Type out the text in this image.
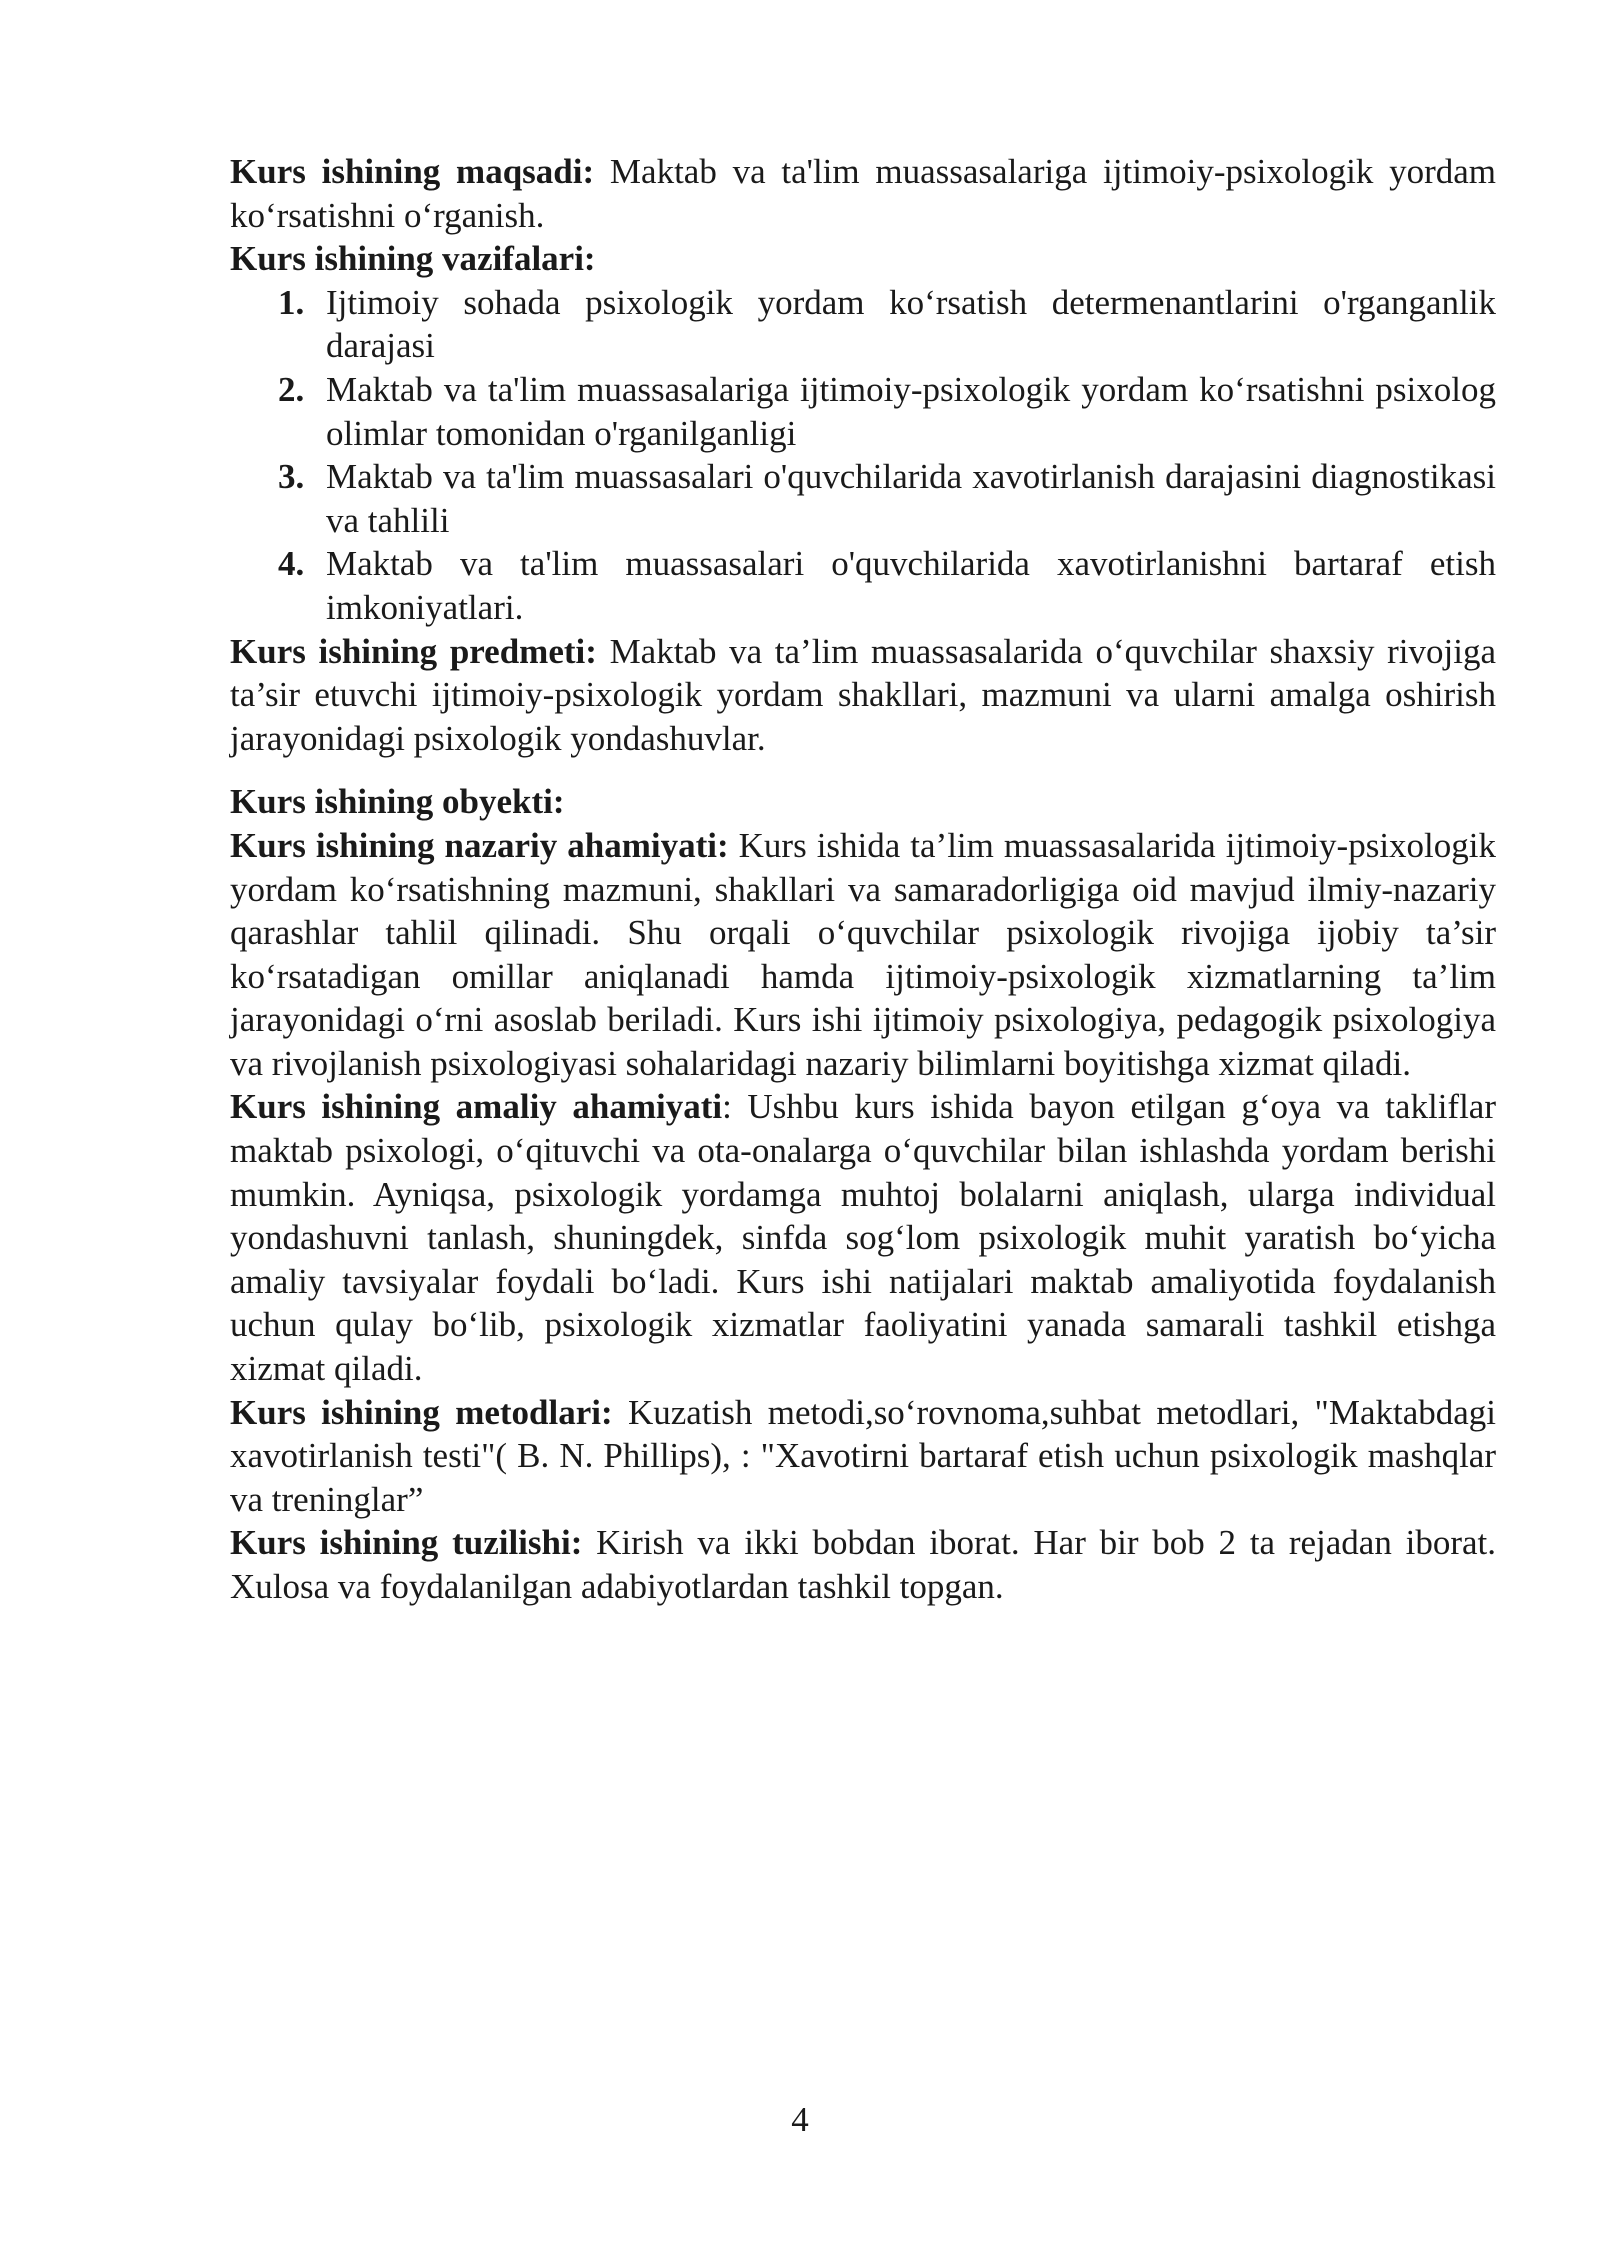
Kurs ishining maqsadi: Maktab va ta'lim muassasalariga ijtimoiy-psixologik yordam ko‘rsatishni o‘rganish.

Kurs ishining vazifalari:

1. Ijtimoiy sohada psixologik yordam ko‘rsatish determenantlarini o'rganganlik darajasi
2. Maktab va ta'lim muassasalariga ijtimoiy-psixologik yordam ko‘rsatishni psixolog olimlar tomonidan o'rganilganligi
3. Maktab va ta'lim muassasalari o'quvchilarida xavotirlanish darajasini diagnostikasi va tahlili
4. Maktab va ta'lim muassasalari o'quvchilarida xavotirlanishni bartaraf etish imkoniyatlari.

Kurs ishining predmeti: Maktab va ta’lim muassasalarida o‘quvchilar shaxsiy rivojiga ta’sir etuvchi ijtimoiy-psixologik yordam shakllari, mazmuni va ularni amalga oshirish jarayonidagi psixologik yondashuvlar.

Kurs ishining obyekti:

Kurs ishining nazariy ahamiyati: Kurs ishida ta’lim muassasalarida ijtimoiy-psixologik yordam ko‘rsatishning mazmuni, shakllari va samaradorligiga oid mavjud ilmiy-nazariy qarashlar tahlil qilinadi. Shu orqali o‘quvchilar psixologik rivojiga ijobiy ta’sir ko‘rsatadigan omillar aniqlanadi hamda ijtimoiy-psixologik xizmatlarning ta’lim jarayonidagi o‘rni asoslab beriladi. Kurs ishi ijtimoiy psixologiya, pedagogik psixologiya va rivojlanish psixologiyasi sohalaridagi nazariy bilimlarni boyitishga xizmat qiladi.

Kurs ishining amaliy ahamiyati: Ushbu kurs ishida bayon etilgan g‘oya va takliflar maktab psixologi, o‘qituvchi va ota-onalarga o‘quvchilar bilan ishlashda yordam berishi mumkin. Ayniqsa, psixologik yordamga muhtoj bolalarni aniqlash, ularga individual yondashuvni tanlash, shuningdek, sinfda sog‘lom psixologik muhit yaratish bo‘yicha amaliy tavsiyalar foydali bo‘ladi. Kurs ishi natijalari maktab amaliyotida foydalanish uchun qulay bo‘lib, psixologik xizmatlar faoliyatini yanada samarali tashkil etishga xizmat qiladi.

Kurs ishining metodlari: Kuzatish metodi,so‘rovnoma,suhbat metodlari, "Maktabdagi xavotirlanish testi"( B. N. Phillips), : "Xavotirni bartaraf etish uchun psixologik mashqlar va treninglar”

Kurs ishining tuzilishi: Kirish va ikki bobdan iborat. Har bir bob 2 ta rejadan iborat. Xulosa va foydalanilgan adabiyotlardan tashkil topgan.

4
